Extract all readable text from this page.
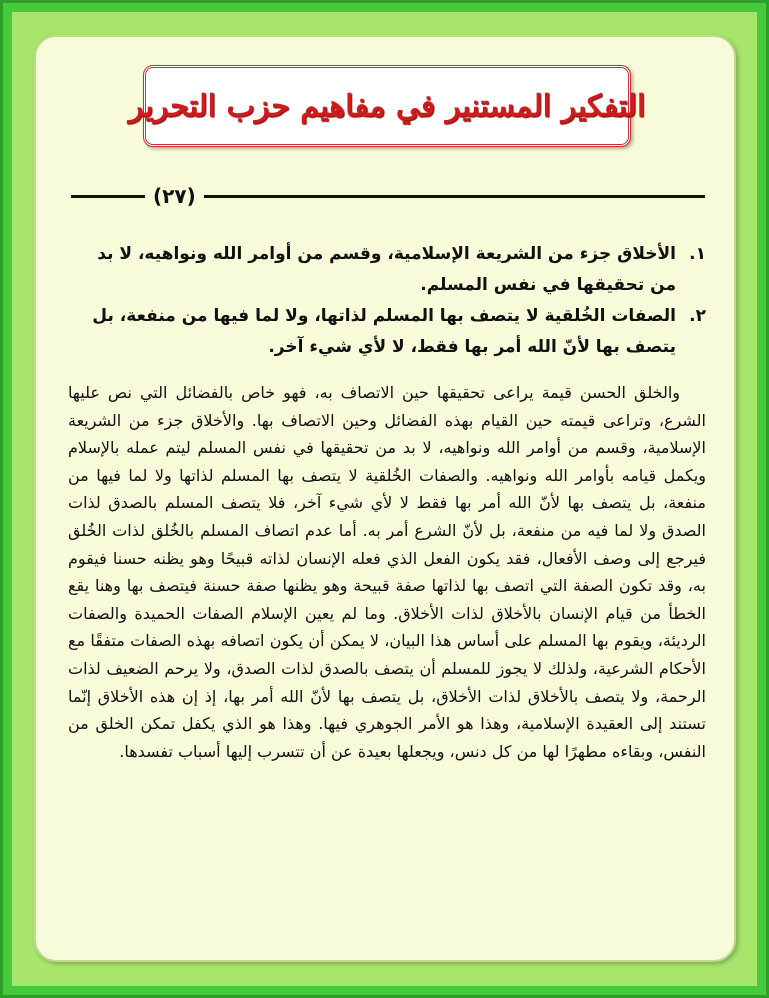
التفكير المستنير في مفاهيم حزب التحرير
(٢٧)
١.
الأخلاق جزء من الشريعة الإسلامية، وقسم من أوامر الله ونواهيه، لا بد من تحقيقها في نفس المسلم.
٢.
الصفات الخُلقية لا يتصف بها المسلم لذاتها، ولا لما فيها من منفعة، بل يتصف بها لأنّ الله أمر بها فقط، لا لأي شيء آخر.

والخلق الحسن قيمة يراعى تحقيقها حين الاتصاف به، فهو خاص بالفضائل التي نص عليها الشرع، وتراعى قيمته حين القيام بهذه الفضائل وحين الاتصاف بها. والأخلاق جزء من الشريعة الإسلامية، وقسم من أوامر الله ونواهيه، لا بد من تحقيقها في نفس المسلم ليتم عمله بالإسلام ويكمل قيامه بأوامر الله ونواهيه. والصفات الخُلقية لا يتصف بها المسلم لذاتها ولا لما فيها من منفعة، بل يتصف بها لأنّ الله أمر بها فقط لا لأي شيء آخر، فلا يتصف المسلم بالصدق لذات الصدق ولا لما فيه من منفعة، بل لأنّ الشرع أمر به. أما عدم اتصاف المسلم بالخُلق لذات الخُلق فيرجع إلى وصف الأفعال، فقد يكون الفعل الذي فعله الإنسان لذاته قبيحًا وهو يظنه حسنا فيقوم به، وقد تكون الصفة التي اتصف بها لذاتها صفة قبيحة وهو يظنها صفة حسنة فيتصف بها وهنا يقع الخطأ من قيام الإنسان بالأخلاق لذات الأخلاق. وما لم يعين الإسلام الصفات الحميدة والصفات الرديئة، ويقوم بها المسلم على أساس هذا البيان، لا يمكن أن يكون اتصافه بهذه الصفات متفقًا مع الأحكام الشرعية، ولذلك لا يجوز للمسلم أن يتصف بالصدق لذات الصدق، ولا يرحم الضعيف لذات الرحمة، ولا يتصف بالأخلاق لذات الأخلاق، بل يتصف بها لأنّ الله أمر بها، إذ إن هذه الأخلاق إنّما تستند إلى العقيدة الإسلامية، وهذا هو الأمر الجوهري فيها. وهذا هو الذي يكفل تمكن الخلق من النفس، وبقاءه مطهرًا لها من كل دنس، ويجعلها بعيدة عن أن تتسرب إليها أسباب تفسدها.
